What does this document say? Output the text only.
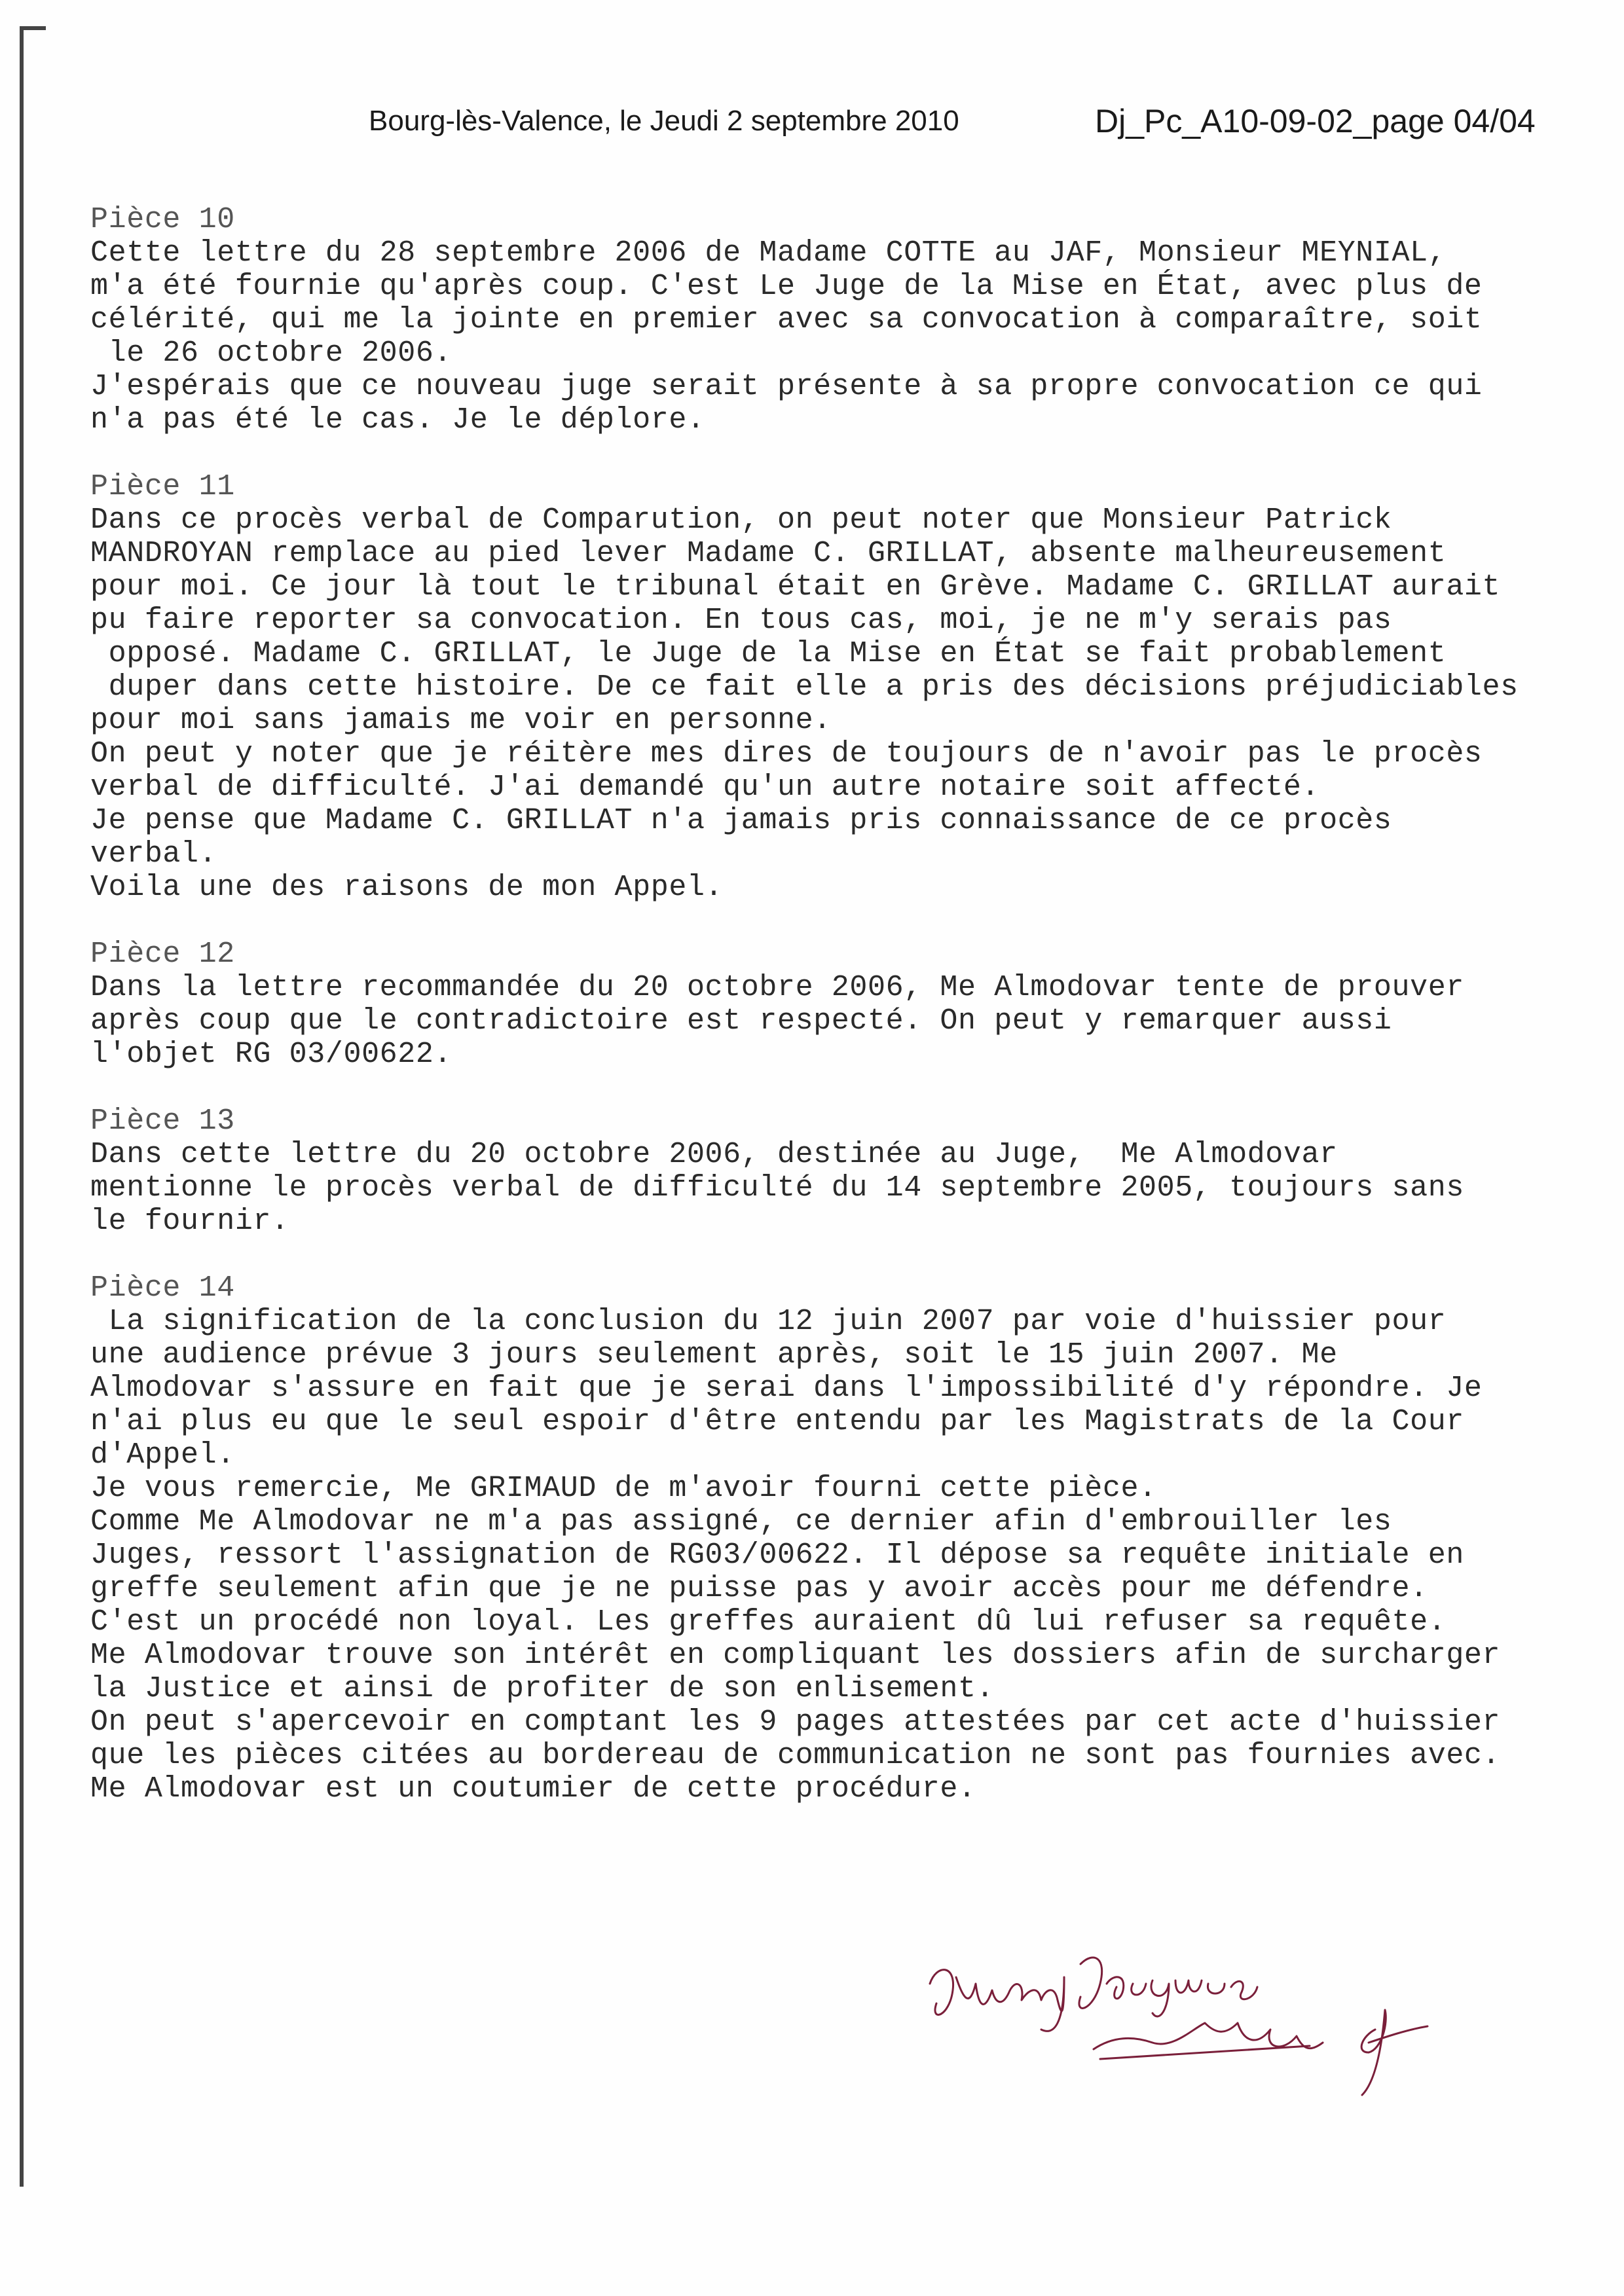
Bourg-lès-Valence, le Jeudi 2 septembre 2010	Dj_Pc_A10-09-02_page 04/04
Pièce 10
Cette lettre du 28 septembre 2006 de Madame COTTE au JAF, Monsieur MEYNIAL,
m'a été fournie qu'après coup. C'est Le Juge de la Mise en État, avec plus de
célérité, qui me la jointe en premier avec sa convocation à comparaître, soit
le 26 octobre 2006.
J'espérais que ce nouveau juge serait présente à sa propre convocation ce qui
n'a pas été le cas. Je le déplore.
Pièce 11
Dans ce procès verbal de Comparution, on peut noter que Monsieur Patrick
MANDROYAN remplace au pied lever Madame C. GRILLAT, absente malheureusement
pour moi. Ce jour là tout le tribunal était en Grève. Madame C. GRILLAT aurait
pu faire reporter sa convocation. En tous cas, moi, je ne m'y serais pas
opposé. Madame C. GRILLAT, le Juge de la Mise en État se fait probablement
duper dans cette histoire. De ce fait elle a pris des décisions préjudiciables
pour moi sans jamais me voir en personne.
On peut y noter que je réitère mes dires de toujours de n'avoir pas le procès
verbal de difficulté. J'ai demandé qu'un autre notaire soit affecté.
Je pense que Madame C. GRILLAT n'a jamais pris connaissance de ce procès
verbal.
Voila une des raisons de mon Appel.
Pièce 12
Dans la lettre recommandée du 20 octobre 2006, Me Almodovar tente de prouver
après coup que le contradictoire est respecté. On peut y remarquer aussi
l'objet RG 03/00622.
Pièce 13
Dans cette lettre du 20 octobre 2006, destinée au Juge,  Me Almodovar
mentionne le procès verbal de difficulté du 14 septembre 2005, toujours sans
le fournir.
Pièce 14
La signification de la conclusion du 12 juin 2007 par voie d'huissier pour
une audience prévue 3 jours seulement après, soit le 15 juin 2007. Me
Almodovar s'assure en fait que je serai dans l'impossibilité d'y répondre. Je
n'ai plus eu que le seul espoir d'être entendu par les Magistrats de la Cour
d'Appel.
Je vous remercie, Me GRIMAUD de m'avoir fourni cette pièce.
Comme Me Almodovar ne m'a pas assigné, ce dernier afin d'embrouiller les
Juges, ressort l'assignation de RG03/00622. Il dépose sa requête initiale en
greffe seulement afin que je ne puisse pas y avoir accès pour me défendre.
C'est un procédé non loyal. Les greffes auraient dû lui refuser sa requête.
Me Almodovar trouve son intérêt en compliquant les dossiers afin de surcharger
la Justice et ainsi de profiter de son enlisement.
On peut s'apercevoir en comptant les 9 pages attestées par cet acte d'huissier
que les pièces citées au bordereau de communication ne sont pas fournies avec.
Me Almodovar est un coutumier de cette procédure.
